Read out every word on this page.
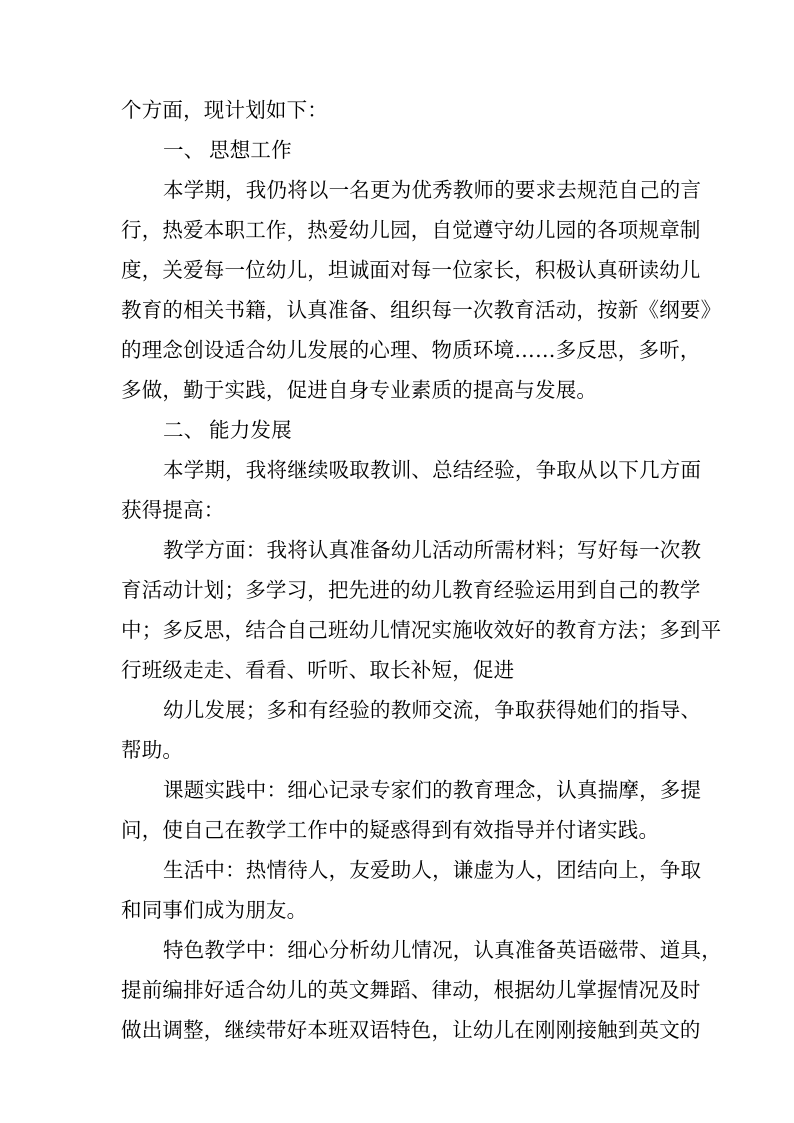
个方面，现计划如下：
一、 思想工作
本学期，我仍将以一名更为优秀教师的要求去规范自己的言
行，热爱本职工作，热爱幼儿园，自觉遵守幼儿园的各项规章制
度，关爱每一位幼儿，坦诚面对每一位家长，积极认真研读幼儿
教育的相关书籍，认真准备、组织每一次教育活动，按新《纲要》
的理念创设适合幼儿发展的心理、物质环境……多反思，多听，
多做，勤于实践，促进自身专业素质的提高与发展。
二、 能力发展
本学期，我将继续吸取教训、总结经验，争取从以下几方面
获得提高：
教学方面：我将认真准备幼儿活动所需材料；写好每一次教
育活动计划；多学习，把先进的幼儿教育经验运用到自己的教学
中；多反思，结合自己班幼儿情况实施收效好的教育方法；多到平
行班级走走、看看、听听、取长补短，促进
幼儿发展；多和有经验的教师交流，争取获得她们的指导、
帮助。
课题实践中：细心记录专家们的教育理念，认真揣摩，多提
问，使自己在教学工作中的疑惑得到有效指导并付诸实践。
生活中：热情待人，友爱助人，谦虚为人，团结向上，争取
和同事们成为朋友。
特色教学中：细心分析幼儿情况，认真准备英语磁带、道具，
提前编排好适合幼儿的英文舞蹈、律动，根据幼儿掌握情况及时
做出调整，继续带好本班双语特色，让幼儿在刚刚接触到英文的
